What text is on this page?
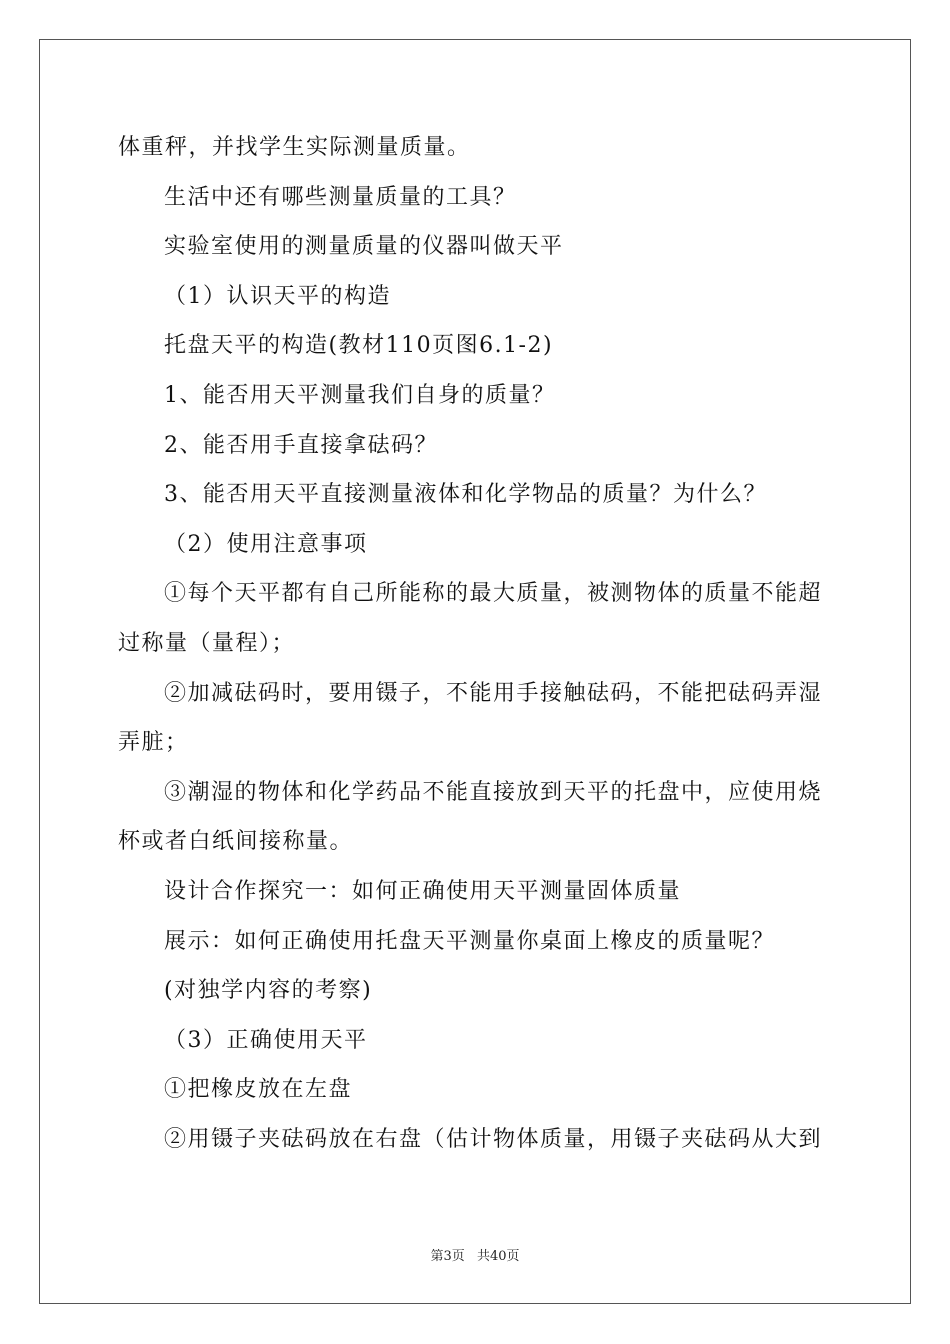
体重秤，并找学生实际测量质量。
生活中还有哪些测量质量的工具？
实验室使用的测量质量的仪器叫做天平
（1）认识天平的构造
托盘天平的构造(教材110页图6.1-2)
1、能否用天平测量我们自身的质量？
2、能否用手直接拿砝码？
3、能否用天平直接测量液体和化学物品的质量？为什么？
（2）使用注意事项
①每个天平都有自己所能称的最大质量，被测物体的质量不能超
过称量（量程）；
②加减砝码时，要用镊子，不能用手接触砝码，不能把砝码弄湿
弄脏；
③潮湿的物体和化学药品不能直接放到天平的托盘中，应使用烧
杯或者白纸间接称量。
设计合作探究一：如何正确使用天平测量固体质量
展示：如何正确使用托盘天平测量你桌面上橡皮的质量呢？
(对独学内容的考察)
（3）正确使用天平
①把橡皮放在左盘
②用镊子夹砝码放在右盘（估计物体质量，用镊子夹砝码从大到
第3页 共40页
